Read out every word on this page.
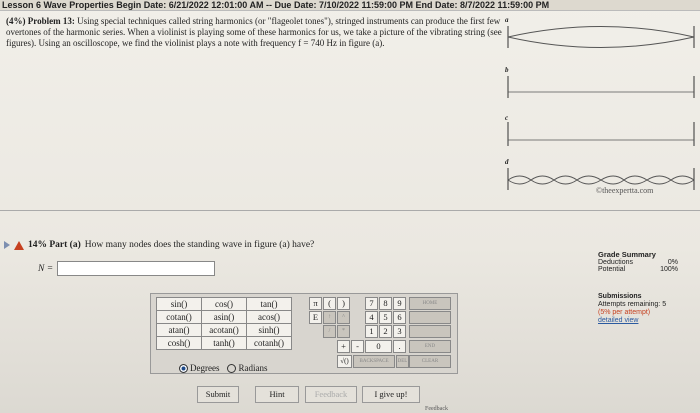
Lesson 6 Wave Properties Begin Date: 6/21/2022 12:01:00 AM -- Due Date: 7/10/2022 11:59:00 PM End Date: 8/7/2022 11:59:00 PM
(4%) Problem 13: Using special techniques called string harmonics (or "flageolet tones"), stringed instruments can produce the first few overtones of the harmonic series. When a violinist is playing some of these harmonics for us, we take a picture of the vibrating string (see figures). Using an oscilloscope, we find the violinist plays a note with frequency f = 740 Hz in figure (a).
a
b
c
d
©theexpertta.com
14% Part (a) How many nodes does the standing wave in figure (a) have?
N =
sin()	cos()	tan()
cotan()	asin()	acos()
atan()	acotan()	sinh()
cosh()	tanh()	cotanh()
Degrees	Radians
π	(	)
E	↑	^
/	*
+	-
√()
7	8	9
4	5	6
1	2	3
0	.
HOME
END
BACKSPACE	DEL	CLEAR
Grade Summary
Deductions	0%
Potential	100%
Submissions
Attempts remaining: 5
(5% per attempt)
detailed view
Submit	Hint	Feedback	I give up!
Feedback
